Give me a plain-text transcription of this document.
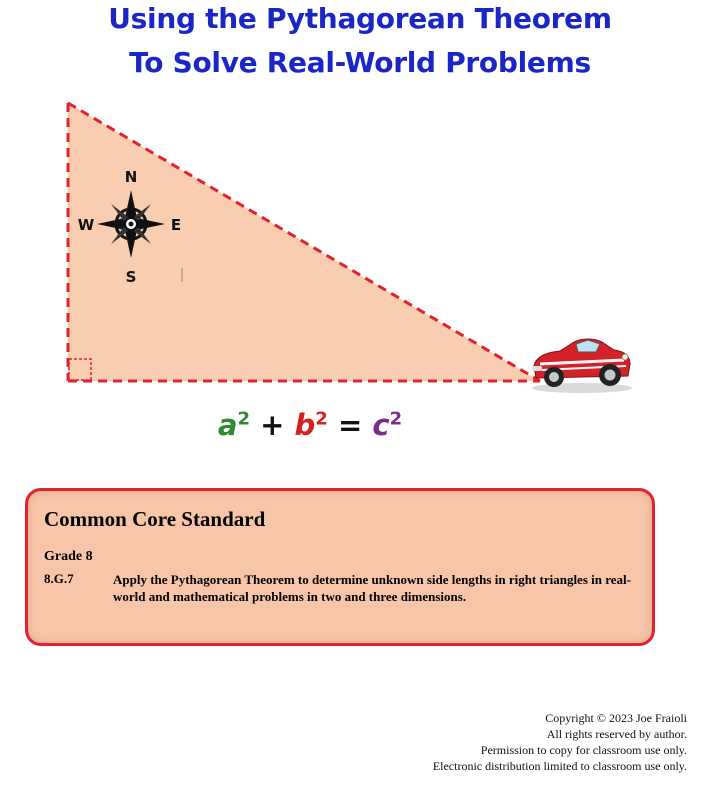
Using the Pythagorean Theorem
To Solve Real-World Problems
N
S
E
W
$a^2 + b^2 = c^2$
Common Core Standard
Grade 8
8.G.7	Apply the Pythagorean Theorem to determine unknown side lengths in right triangles in real-world and mathematical problems in two and three dimensions.
Copyright © 2023 Joe Fraioli
All rights reserved by author.
Permission to copy for classroom use only.
Electronic distribution limited to classroom use only.
